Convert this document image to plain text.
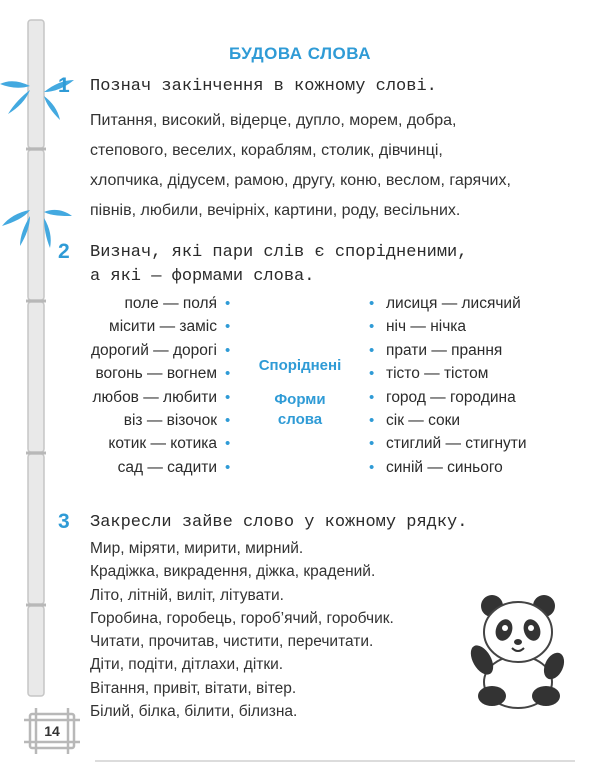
БУДОВА СЛОВА
1 Познач закінчення в кожному слові.
Питання, високий, відерце, дупло, морем, добра,
степового, веселих, кораблям, столик, дівчинці,
хлопчика, дідусем, рамою, другу, коню, веслом, гарячих,
півнів, любили, вечірніх, картини, роду, весільних.
2 Визнач, які пари слів є спорідненими,
а які — формами слова.
поле — поля́
місити — заміс
дорогий — дорогі
вогонь — вогнем
любов — любити
віз — візочок
котик — котика
сад — садити
•
•
•
•
•
•
•
•
Споріднені
Форми
слова
•
•
•
•
•
•
•
•
лисиця — лисячий
ніч — нічка
прати — прання
тісто — тістом
город — городина
сік — соки
стиглий — стигнути
синій — синього
3 Закресли зайве слово у кожному рядку.
Мир, міряти, мирити, мирний.
Крадіжка, викрадення, діжка, крадений.
Літо, літній, виліт, літувати.
Горобина, горобець, гороб’ячий, горобчик.
Читати, прочитав, чистити, перечитати.
Діти, подіти, дітлахи, дітки.
Вітання, привіт, вітати, вітер.
Білий, білка, білити, білизна.
14
